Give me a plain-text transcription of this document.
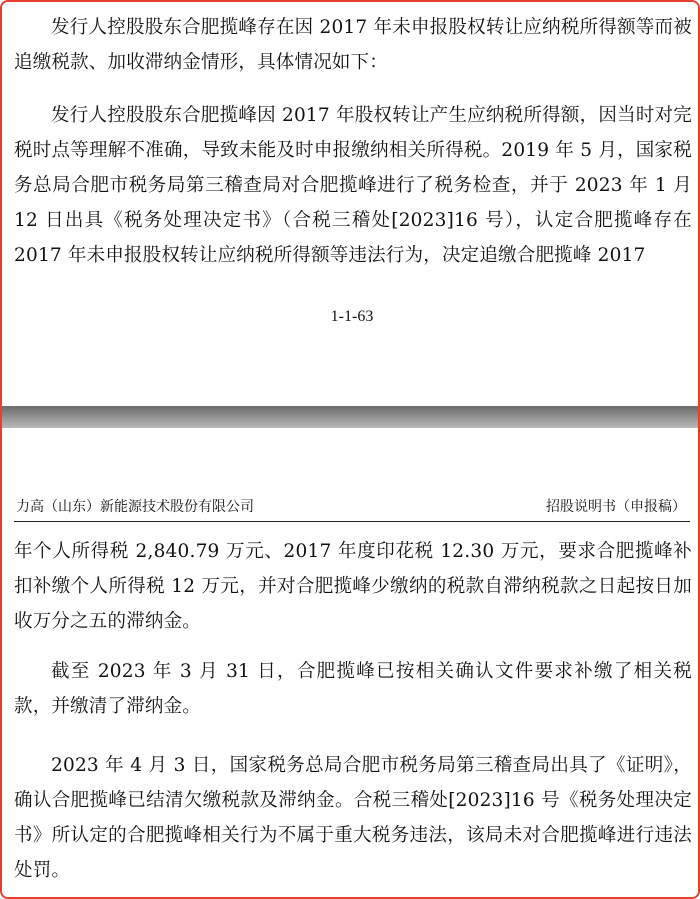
发行人控股股东合肥揽峰存在因 2017 年未申报股权转让应纳税所得额等而被追缴税款、加收滞纳金情形，具体情况如下：

发行人控股股东合肥揽峰因 2017 年股权转让产生应纳税所得额，因当时对完税时点等理解不准确，导致未能及时申报缴纳相关所得税。2019 年 5 月，国家税务总局合肥市税务局第三稽查局对合肥揽峰进行了税务检查，并于 2023 年 1 月 12 日出具《税务处理决定书》（合税三稽处[2023]16 号），认定合肥揽峰存在 2017 年未申报股权转让应纳税所得额等违法行为，决定追缴合肥揽峰 2017

1-1-63
力高（山东）新能源技术股份有限公司	招股说明书（申报稿）

年个人所得税 2,840.79 万元、2017 年度印花税 12.30 万元，要求合肥揽峰补扣补缴个人所得税 12 万元，并对合肥揽峰少缴纳的税款自滞纳税款之日起按日加收万分之五的滞纳金。

截至 2023 年 3 月 31 日，合肥揽峰已按相关确认文件要求补缴了相关税款，并缴清了滞纳金。

2023 年 4 月 3 日，国家税务总局合肥市税务局第三稽查局出具了《证明》，确认合肥揽峰已结清欠缴税款及滞纳金。合税三稽处[2023]16 号《税务处理决定书》所认定的合肥揽峰相关行为不属于重大税务违法，该局未对合肥揽峰进行违法处罚。
